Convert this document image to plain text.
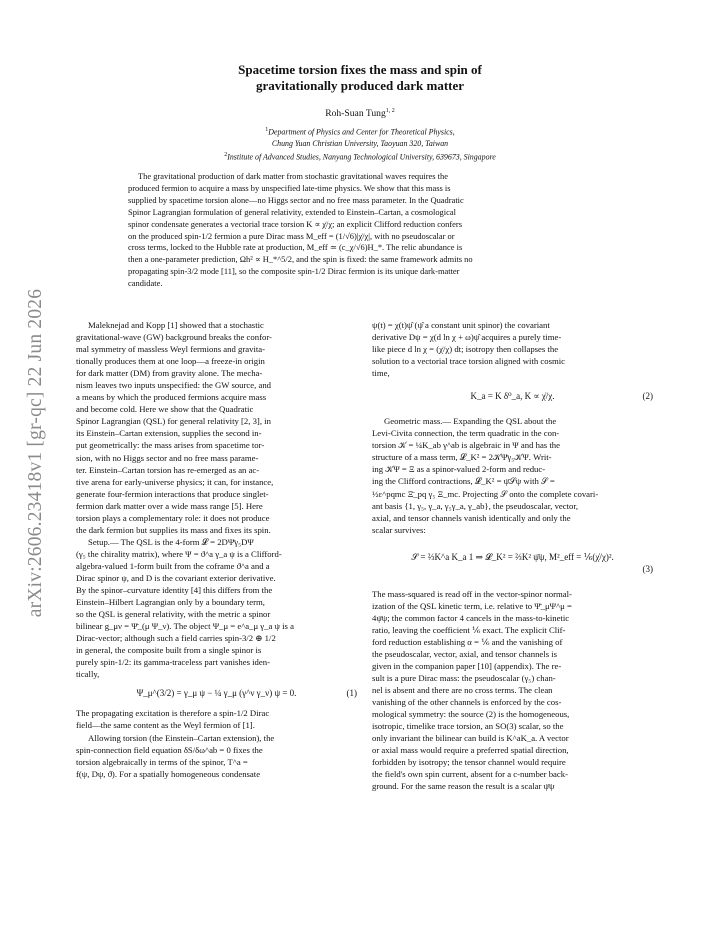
arXiv:2606.23418v1 [gr-qc] 22 Jun 2026
Spacetime torsion fixes the mass and spin of
gravitationally produced dark matter
Roh-Suan Tung$^{1, 2}$
$^1$Department of Physics and Center for Theoretical Physics,
Chung Yuan Christian University, Taoyuan 320, Taiwan
$^2$Institute of Advanced Studies, Nanyang Technological University, 639673, Singapore
The gravitational production of dark matter from stochastic gravitational waves requires the
produced fermion to acquire a mass by unspecified late-time physics. We show that this mass is
supplied by spacetime torsion alone—no Higgs sector and no free mass parameter. In the Quadratic
Spinor Lagrangian formulation of general relativity, extended to Einstein–Cartan, a cosmological
spinor condensate generates a vectorial trace torsion K ∝ χ̇/χ; an explicit Clifford reduction confers
on the produced spin-1/2 fermion a pure Dirac mass M_eff = (1/√6)|χ̇/χ|, with no pseudoscalar or
cross terms, locked to the Hubble rate at production, M_eff ≃ (c_χ/√6)H_*. The relic abundance is
then a one-parameter prediction, Ωh² ∝ H_*^5/2, and the spin is fixed: the same framework admits no
propagating spin-3/2 mode [11], so the composite spin-1/2 Dirac fermion is its unique dark-matter
candidate.
Maleknejad and Kopp [1] showed that a stochastic
gravitational-wave (GW) background breaks the confor-
mal symmetry of massless Weyl fermions and gravita-
tionally produces them at one loop—a freeze-in origin
for dark matter (DM) from gravity alone. The mecha-
nism leaves two inputs unspecified: the GW source, and
a means by which the produced fermions acquire mass
and become cold. Here we show that the Quadratic
Spinor Lagrangian (QSL) for general relativity [2, 3], in
its Einstein–Cartan extension, supplies the second in-
put geometrically: the mass arises from spacetime tor-
sion, with no Higgs sector and no free mass parame-
ter. Einstein–Cartan torsion has re-emerged as an ac-
tive arena for early-universe physics; it can, for instance,
generate four-fermion interactions that produce singlet-
fermion dark matter over a wide mass range [5]. Here
torsion plays a complementary role: it does not produce
the dark fermion but supplies its mass and fixes its spin.
Setup.— The QSL is the 4-form 𝓛 = 2DΨ̄γ₅DΨ
(γ₅ the chirality matrix), where Ψ = ϑ^a γ_a ψ is a Clifford-
algebra-valued 1-form built from the coframe ϑ^a and a
Dirac spinor ψ, and D is the covariant exterior derivative.
By the spinor–curvature identity [4] this differs from the
Einstein–Hilbert Lagrangian only by a boundary term,
so the QSL is general relativity, with the metric a spinor
bilinear g_μν = Ψ̄_(μ Ψ_ν). The object Ψ_μ = e^a_μ γ_a ψ is a
Dirac-vector; although such a field carries spin-3/2 ⊕ 1/2
in general, the composite built from a single spinor is
purely spin-1/2: its gamma-traceless part vanishes iden-
tically,
Ψ_μ^(3/2) = γ_μ ψ − ¼ γ_μ (γ^ν γ_ν) ψ = 0.	(1)
The propagating excitation is therefore a spin-1/2 Dirac
field—the same content as the Weyl fermion of [1].
Allowing torsion (the Einstein–Cartan extension), the
spin-connection field equation δS/δω^ab = 0 fixes the
torsion algebraically in terms of the spinor, T^a =
f(ψ, Dψ, ϑ). For a spatially homogeneous condensate
ψ(t) = χ(t)ψ̂ (ψ̂ a constant unit spinor) the covariant
derivative Dψ = χ(d ln χ + ω)ψ̂ acquires a purely time-
like piece d ln χ = (χ̇/χ) dt; isotropy then collapses the
solution to a vectorial trace torsion aligned with cosmic
time,
K_a = K δ⁰_a, K ∝ χ̇/χ.	(2)
Geometric mass.— Expanding the QSL about the
Levi-Civita connection, the term quadratic in the con-
torsion 𝒦 = ¼K_ab γ^ab is algebraic in Ψ and has the
structure of a mass term, 𝓛_K² = 2𝒦Ψ̄γ₅𝒦Ψ. Writ-
ing 𝒦Ψ = Ξ as a spinor-valued 2-form and reduc-
ing the Clifford contractions, 𝓛_K² = ψ̄𝒮ψ with 𝒮 =
½ε^pqmc Ξ̄_pq γ₅ Ξ_mc. Projecting 𝒮 onto the complete covari-
ant basis {1, γ₅, γ_a, γ₅γ_a, γ_ab}, the pseudoscalar, vector,
axial, and tensor channels vanish identically and only the
scalar survives:
𝒮 = ⅔K^a K_a 1 ⇒ 𝓛_K² = ⅔K² ψ̄ψ, M²_eff = ⅙(χ̇/χ)².
(3)
The mass-squared is read off in the vector-spinor normal-
ization of the QSL kinetic term, i.e. relative to Ψ̄_μΨ^μ =
4ψ̄ψ; the common factor 4 cancels in the mass-to-kinetic
ratio, leaving the coefficient ⅙ exact. The explicit Clif-
ford reduction establishing α = ⅙ and the vanishing of
the pseudoscalar, vector, axial, and tensor channels is
given in the companion paper [10] (appendix). The re-
sult is a pure Dirac mass: the pseudoscalar (γ₅) chan-
nel is absent and there are no cross terms. The clean
vanishing of the other channels is enforced by the cos-
mological symmetry: the source (2) is the homogeneous,
isotropic, timelike trace torsion, an SO(3) scalar, so the
only invariant the bilinear can build is K^aK_a. A vector
or axial mass would require a preferred spatial direction,
forbidden by isotropy; the tensor channel would require
the field's own spin current, absent for a c-number back-
ground. For the same reason the result is a scalar ψ̄ψ
